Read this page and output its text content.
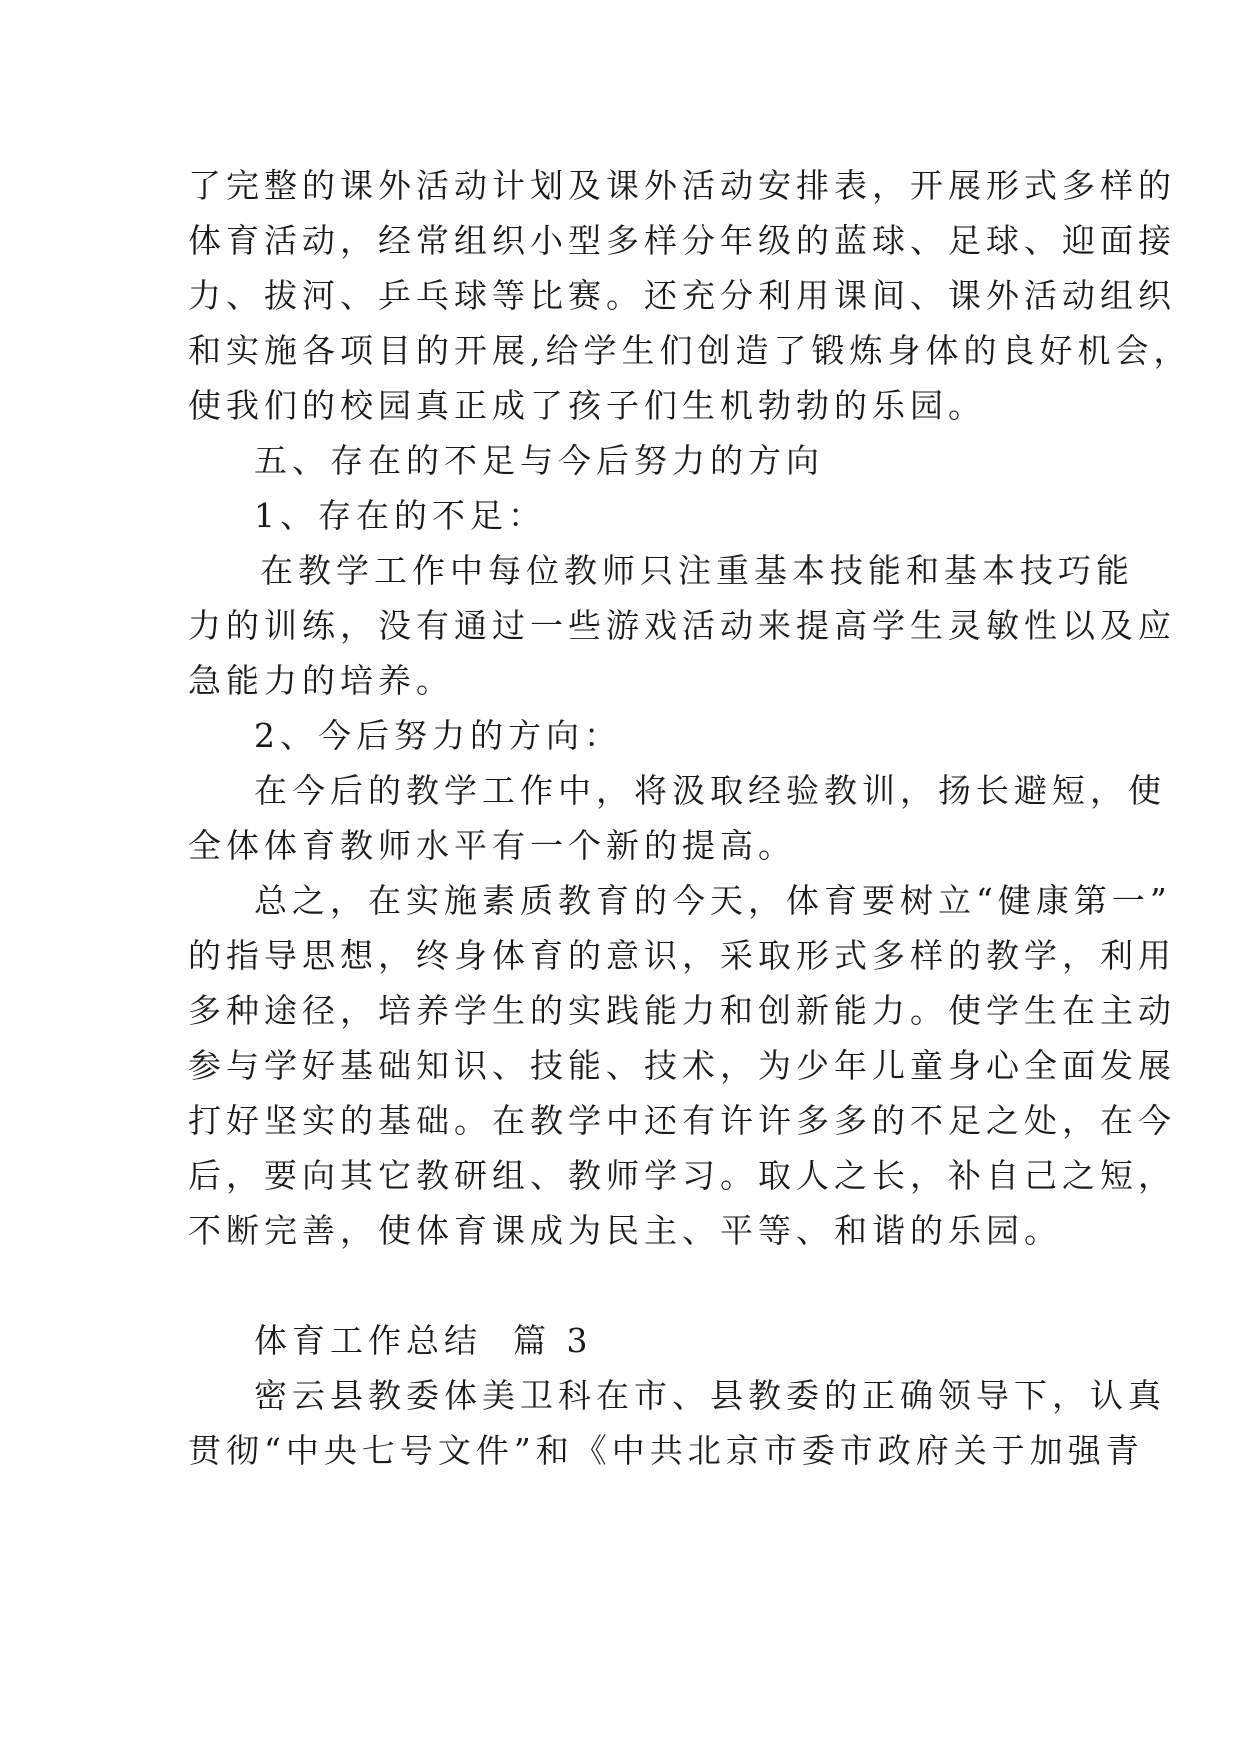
了完整的课外活动计划及课外活动安排表，开展形式多样的
体育活动，经常组织小型多样分年级的蓝球、足球、迎面接
力、拔河、乒乓球等比赛。还充分利用课间、课外活动组织
和实施各项目的开展,给学生们创造了锻炼身体的良好机会，
使我们的校园真正成了孩子们生机勃勃的乐园。
五、存在的不足与今后努力的方向
1、存在的不足：
在教学工作中每位教师只注重基本技能和基本技巧能
力的训练，没有通过一些游戏活动来提高学生灵敏性以及应
急能力的培养。
2、今后努力的方向：
在今后的教学工作中，将汲取经验教训，扬长避短，使
全体体育教师水平有一个新的提高。
总之，在实施素质教育的今天，体育要树立“健康第一”
的指导思想，终身体育的意识，采取形式多样的教学，利用
多种途径，培养学生的实践能力和创新能力。使学生在主动
参与学好基础知识、技能、技术，为少年儿童身心全面发展
打好坚实的基础。在教学中还有许许多多的不足之处，在今
后，要向其它教研组、教师学习。取人之长，补自己之短，
不断完善，使体育课成为民主、平等、和谐的乐园。
体育工作总结  篇 3
密云县教委体美卫科在市、县教委的正确领导下，认真
贯彻“中央七号文件”和《中共北京市委市政府关于加强青
